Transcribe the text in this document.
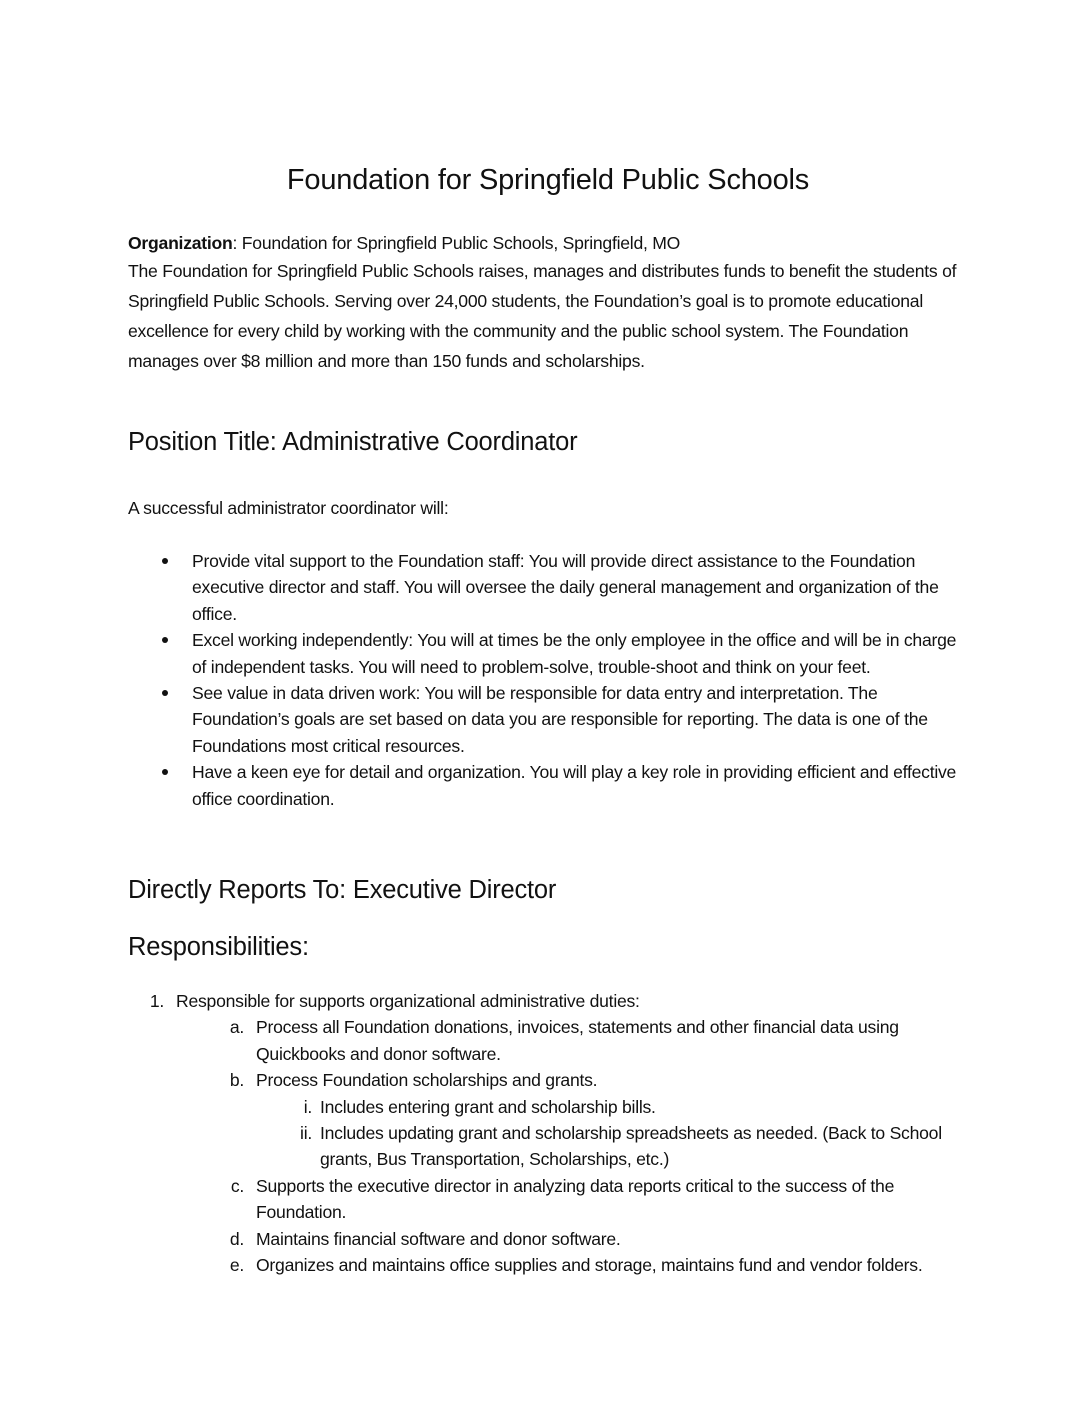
Foundation for Springfield Public Schools

Organization: Foundation for Springfield Public Schools, Springfield, MO

The Foundation for Springfield Public Schools raises, manages and distributes funds to benefit the students of Springfield Public Schools. Serving over 24,000 students, the Foundation’s goal is to promote educational excellence for every child by working with the community and the public school system. The Foundation manages over $8 million and more than 150 funds and scholarships.

Position Title: Administrative Coordinator

A successful administrator coordinator will:

Provide vital support to the Foundation staff: You will provide direct assistance to the Foundation executive director and staff. You will oversee the daily general management and organization of the office.
Excel working independently: You will at times be the only employee in the office and will be in charge of independent tasks. You will need to problem-solve, trouble-shoot and think on your feet.
See value in data driven work: You will be responsible for data entry and interpretation. The Foundation’s goals are set based on data you are responsible for reporting. The data is one of the Foundations most critical resources.
Have a keen eye for detail and organization. You will play a key role in providing efficient and effective office coordination.
Directly Reports To: Executive Director
Responsibilities:
1. Responsible for supports organizational administrative duties:
a. Process all Foundation donations, invoices, statements and other financial data using Quickbooks and donor software.
b. Process Foundation scholarships and grants.
i. Includes entering grant and scholarship bills.
ii. Includes updating grant and scholarship spreadsheets as needed. (Back to School grants, Bus Transportation, Scholarships, etc.)
c. Supports the executive director in analyzing data reports critical to the success of the Foundation.
d. Maintains financial software and donor software.
e. Organizes and maintains office supplies and storage, maintains fund and vendor folders.
